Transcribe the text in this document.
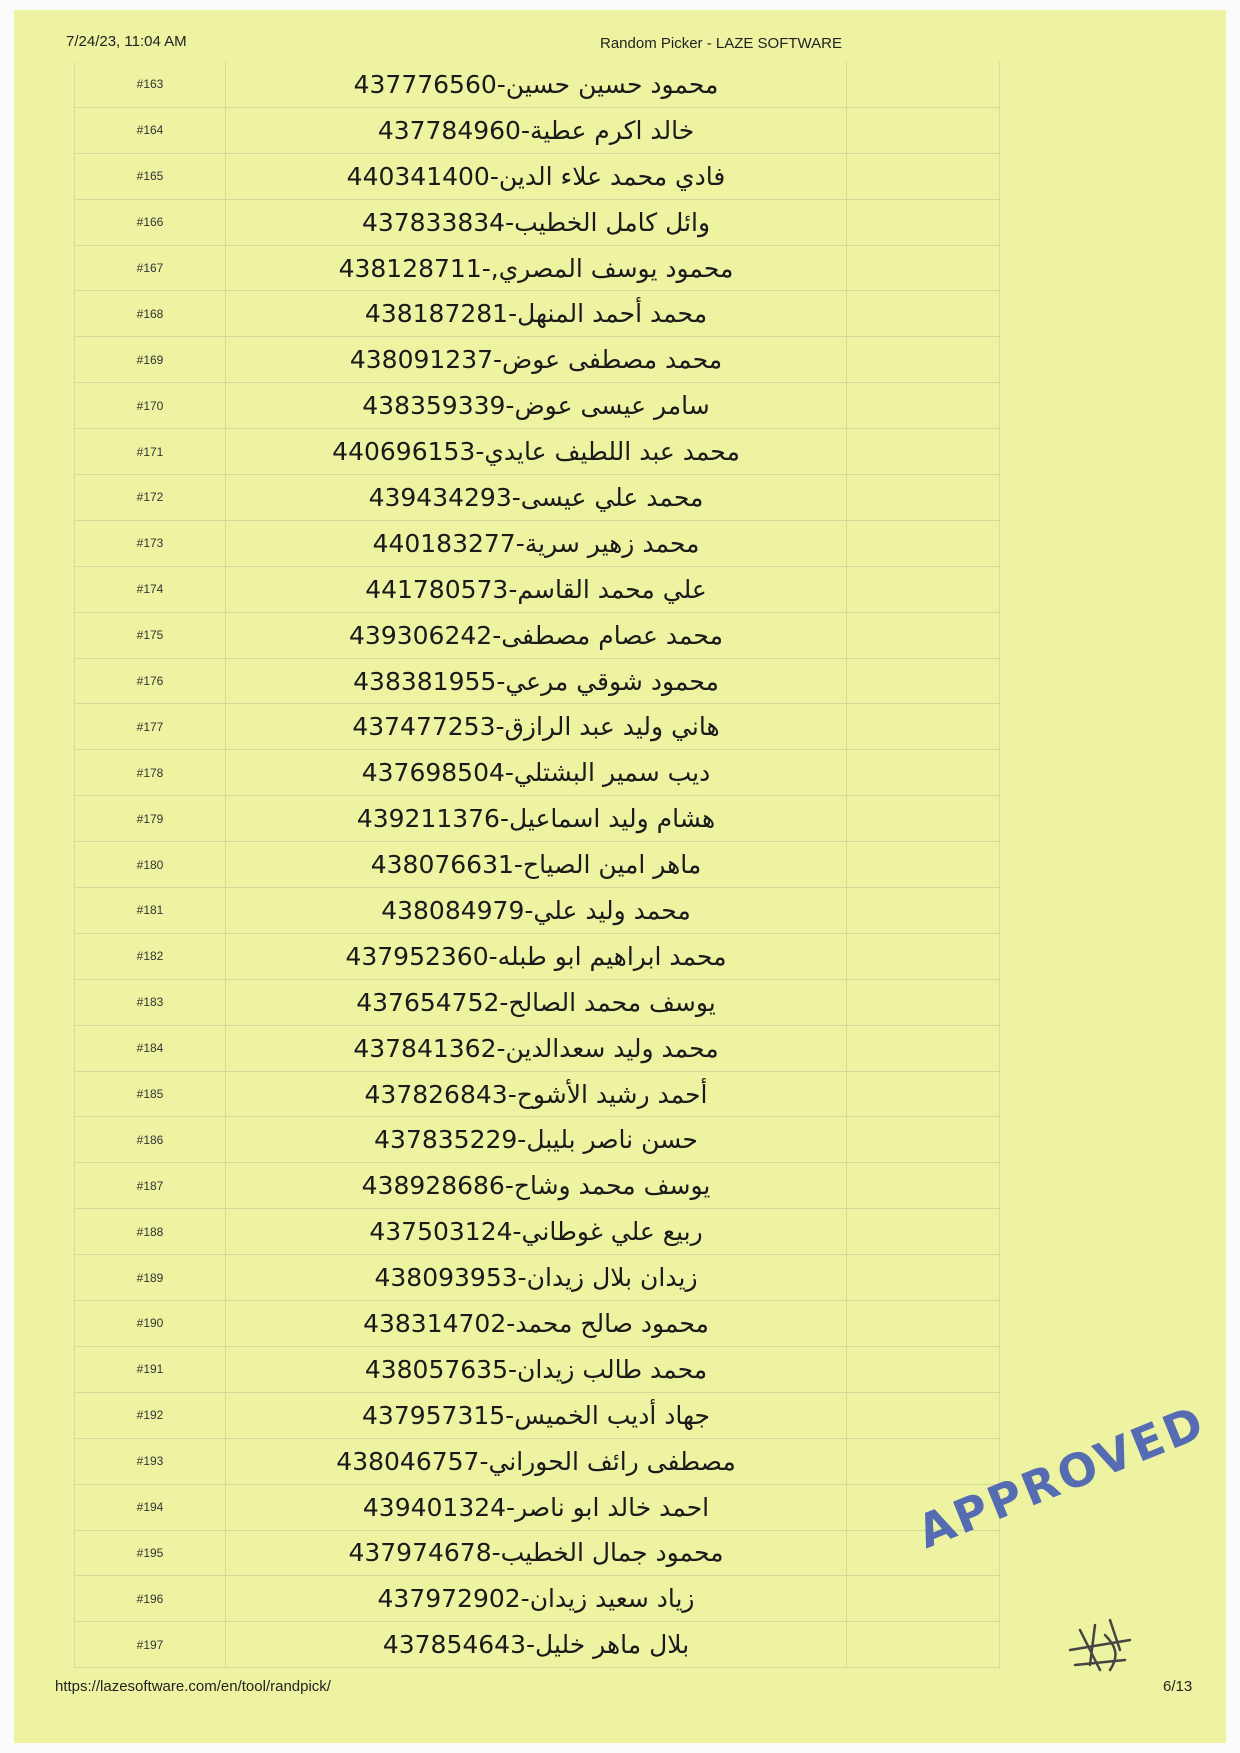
7/24/23, 11:04 AM	Random Picker - LAZE SOFTWARE
#163	محمود حسين حسين-437776560
#164	خالد اكرم عطية-437784960
#165	فادي محمد علاء الدين-440341400
#166	وائل كامل الخطيب-437833834
#167	محمود يوسف المصري,-438128711
#168	محمد أحمد المنهل-438187281
#169	محمد مصطفى عوض-438091237
#170	سامر عيسى عوض-438359339
#171	محمد عبد اللطيف عايدي-440696153
#172	محمد علي عيسى-439434293
#173	محمد زهير سرية-440183277
#174	علي محمد القاسم-441780573
#175	محمد عصام مصطفى-439306242
#176	محمود شوقي مرعي-438381955
#177	هاني وليد عبد الرازق-437477253
#178	ديب سمير البشتلي-437698504
#179	هشام وليد اسماعيل-439211376
#180	ماهر امين الصياح-438076631
#181	محمد وليد علي-438084979
#182	محمد ابراهيم ابو طبله-437952360
#183	يوسف محمد الصالح-437654752
#184	محمد وليد سعدالدين-437841362
#185	أحمد رشيد الأشوح-437826843
#186	حسن ناصر بليبل-437835229
#187	يوسف محمد وشاح-438928686
#188	ربيع علي غوطاني-437503124
#189	زيدان بلال زيدان-438093953
#190	محمود صالح محمد-438314702
#191	محمد طالب زيدان-438057635
#192	جهاد أديب الخميس-437957315
#193	مصطفى رائف الحوراني-438046757
#194	احمد خالد ابو ناصر-439401324
#195	محمود جمال الخطيب-437974678
#196	زياد سعيد زيدان-437972902
#197	بلال ماهر خليل-437854643
https://lazesoftware.com/en/tool/randpick/	6/13
APPROVED
